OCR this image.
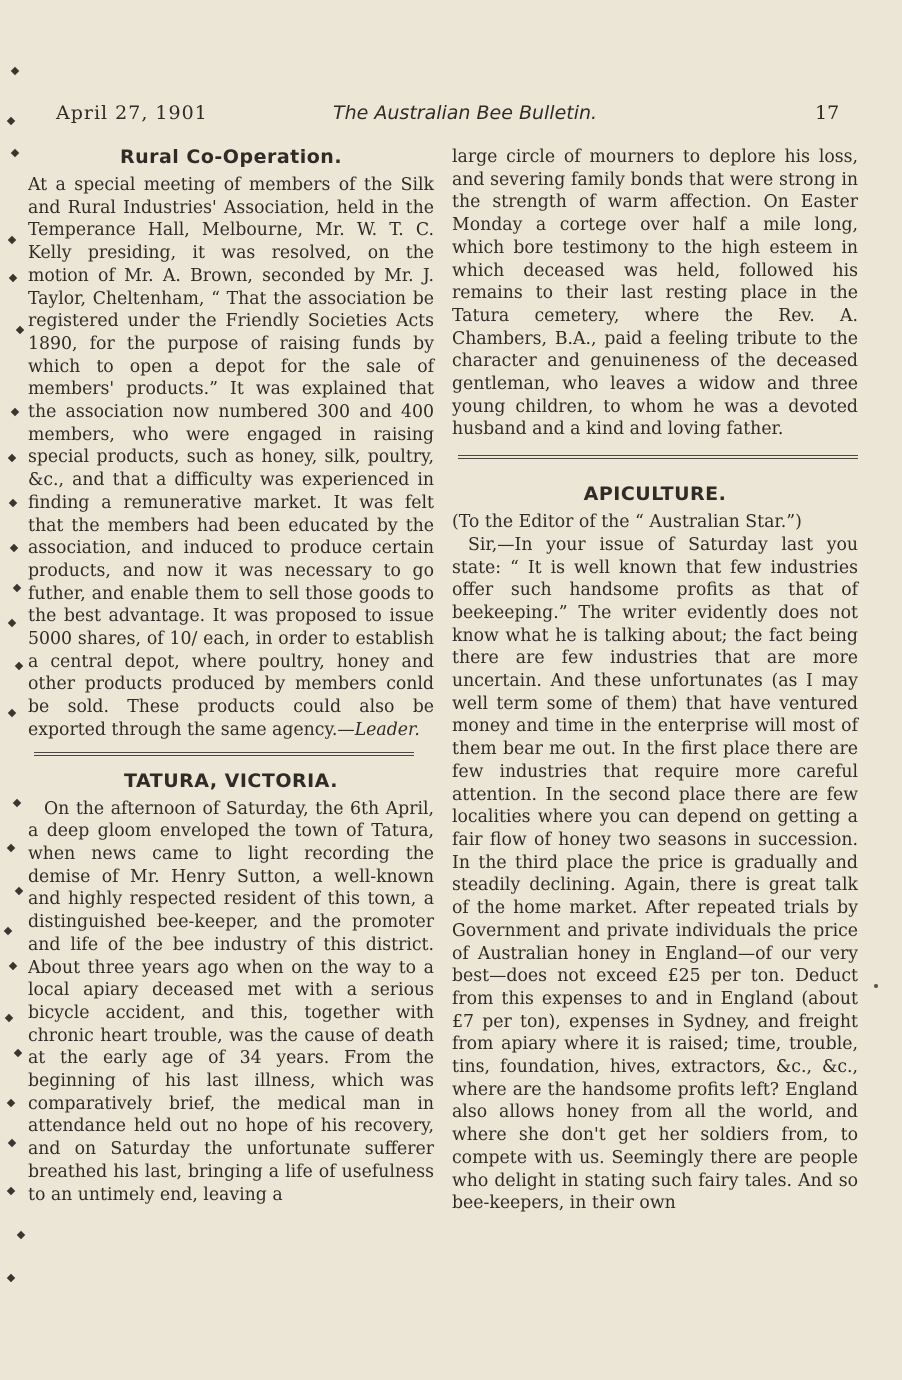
April 27, 1901	The Australian Bee Bulletin.	17
Rural Co-Operation.

At a special meeting of members of the Silk and Rural Industries' Association, held in the Temperance Hall, Melbourne, Mr. W. T. C. Kelly presiding, it was resolved, on the motion of Mr. A. Brown, seconded by Mr. J. Taylor, Cheltenham, “ That the association be registered under the Friendly Societies Acts 1890, for the purpose of raising funds by which to open a depot for the sale of members' products.” It was explained that the association now numbered 300 and 400 members, who were engaged in raising special products, such as honey, silk, poultry, &c., and that a difficulty was experienced in finding a remunerative market. It was felt that the members had been educated by the association, and induced to produce certain products, and now it was necessary to go futher, and enable them to sell those goods to the best advantage. It was proposed to issue 5000 shares, of 10/ each, in order to establish a central depot, where poultry, honey and other products produced by members conld be sold. These products could also be exported through the same agency.—Leader.

TATURA, VICTORIA.

On the afternoon of Saturday, the 6th April, a deep gloom enveloped the town of Tatura, when news came to light recording the demise of Mr. Henry Sutton, a well-known and highly respected resident of this town, a distinguished bee-keeper, and the promoter and life of the bee industry of this district. About three years ago when on the way to a local apiary deceased met with a serious bicycle accident, and this, together with chronic heart trouble, was the cause of death at the early age of 34 years. From the beginning of his last illness, which was comparatively brief, the medical man in attendance held out no hope of his recovery, and on Saturday the unfortunate sufferer breathed his last, bringing a life of usefulness to an untimely end, leaving a

large circle of mourners to deplore his loss, and severing family bonds that were strong in the strength of warm affection. On Easter Monday a cortege over half a mile long, which bore testimony to the high esteem in which deceased was held, followed his remains to their last resting place in the Tatura cemetery, where the Rev. A. Chambers, B.A., paid a feeling tribute to the character and genuineness of the deceased gentleman, who leaves a widow and three young children, to whom he was a devoted husband and a kind and loving father.

APICULTURE.

(To the Editor of the “ Australian Star.”)

Sir,—In your issue of Saturday last you state: “ It is well known that few industries offer such handsome profits as that of beekeeping.” The writer evidently does not know what he is talking about; the fact being there are few industries that are more uncertain. And these unfortunates (as I may well term some of them) that have ventured money and time in the enterprise will most of them bear me out. In the first place there are few industries that require more careful attention. In the second place there are few localities where you can depend on getting a fair flow of honey two seasons in succession. In the third place the price is gradually and steadily declining. Again, there is great talk of the home market. After repeated trials by Government and private individuals the price of Australian honey in England—of our very best—does not exceed £25 per ton. Deduct from this expenses to and in England (about £7 per ton), expenses in Sydney, and freight from apiary where it is raised; time, trouble, tins, foundation, hives, extractors, &c., &c., where are the handsome profits left? England also allows honey from all the world, and where she don't get her soldiers from, to compete with us. Seemingly there are people who delight in stating such fairy tales. And so bee-keepers, in their own
